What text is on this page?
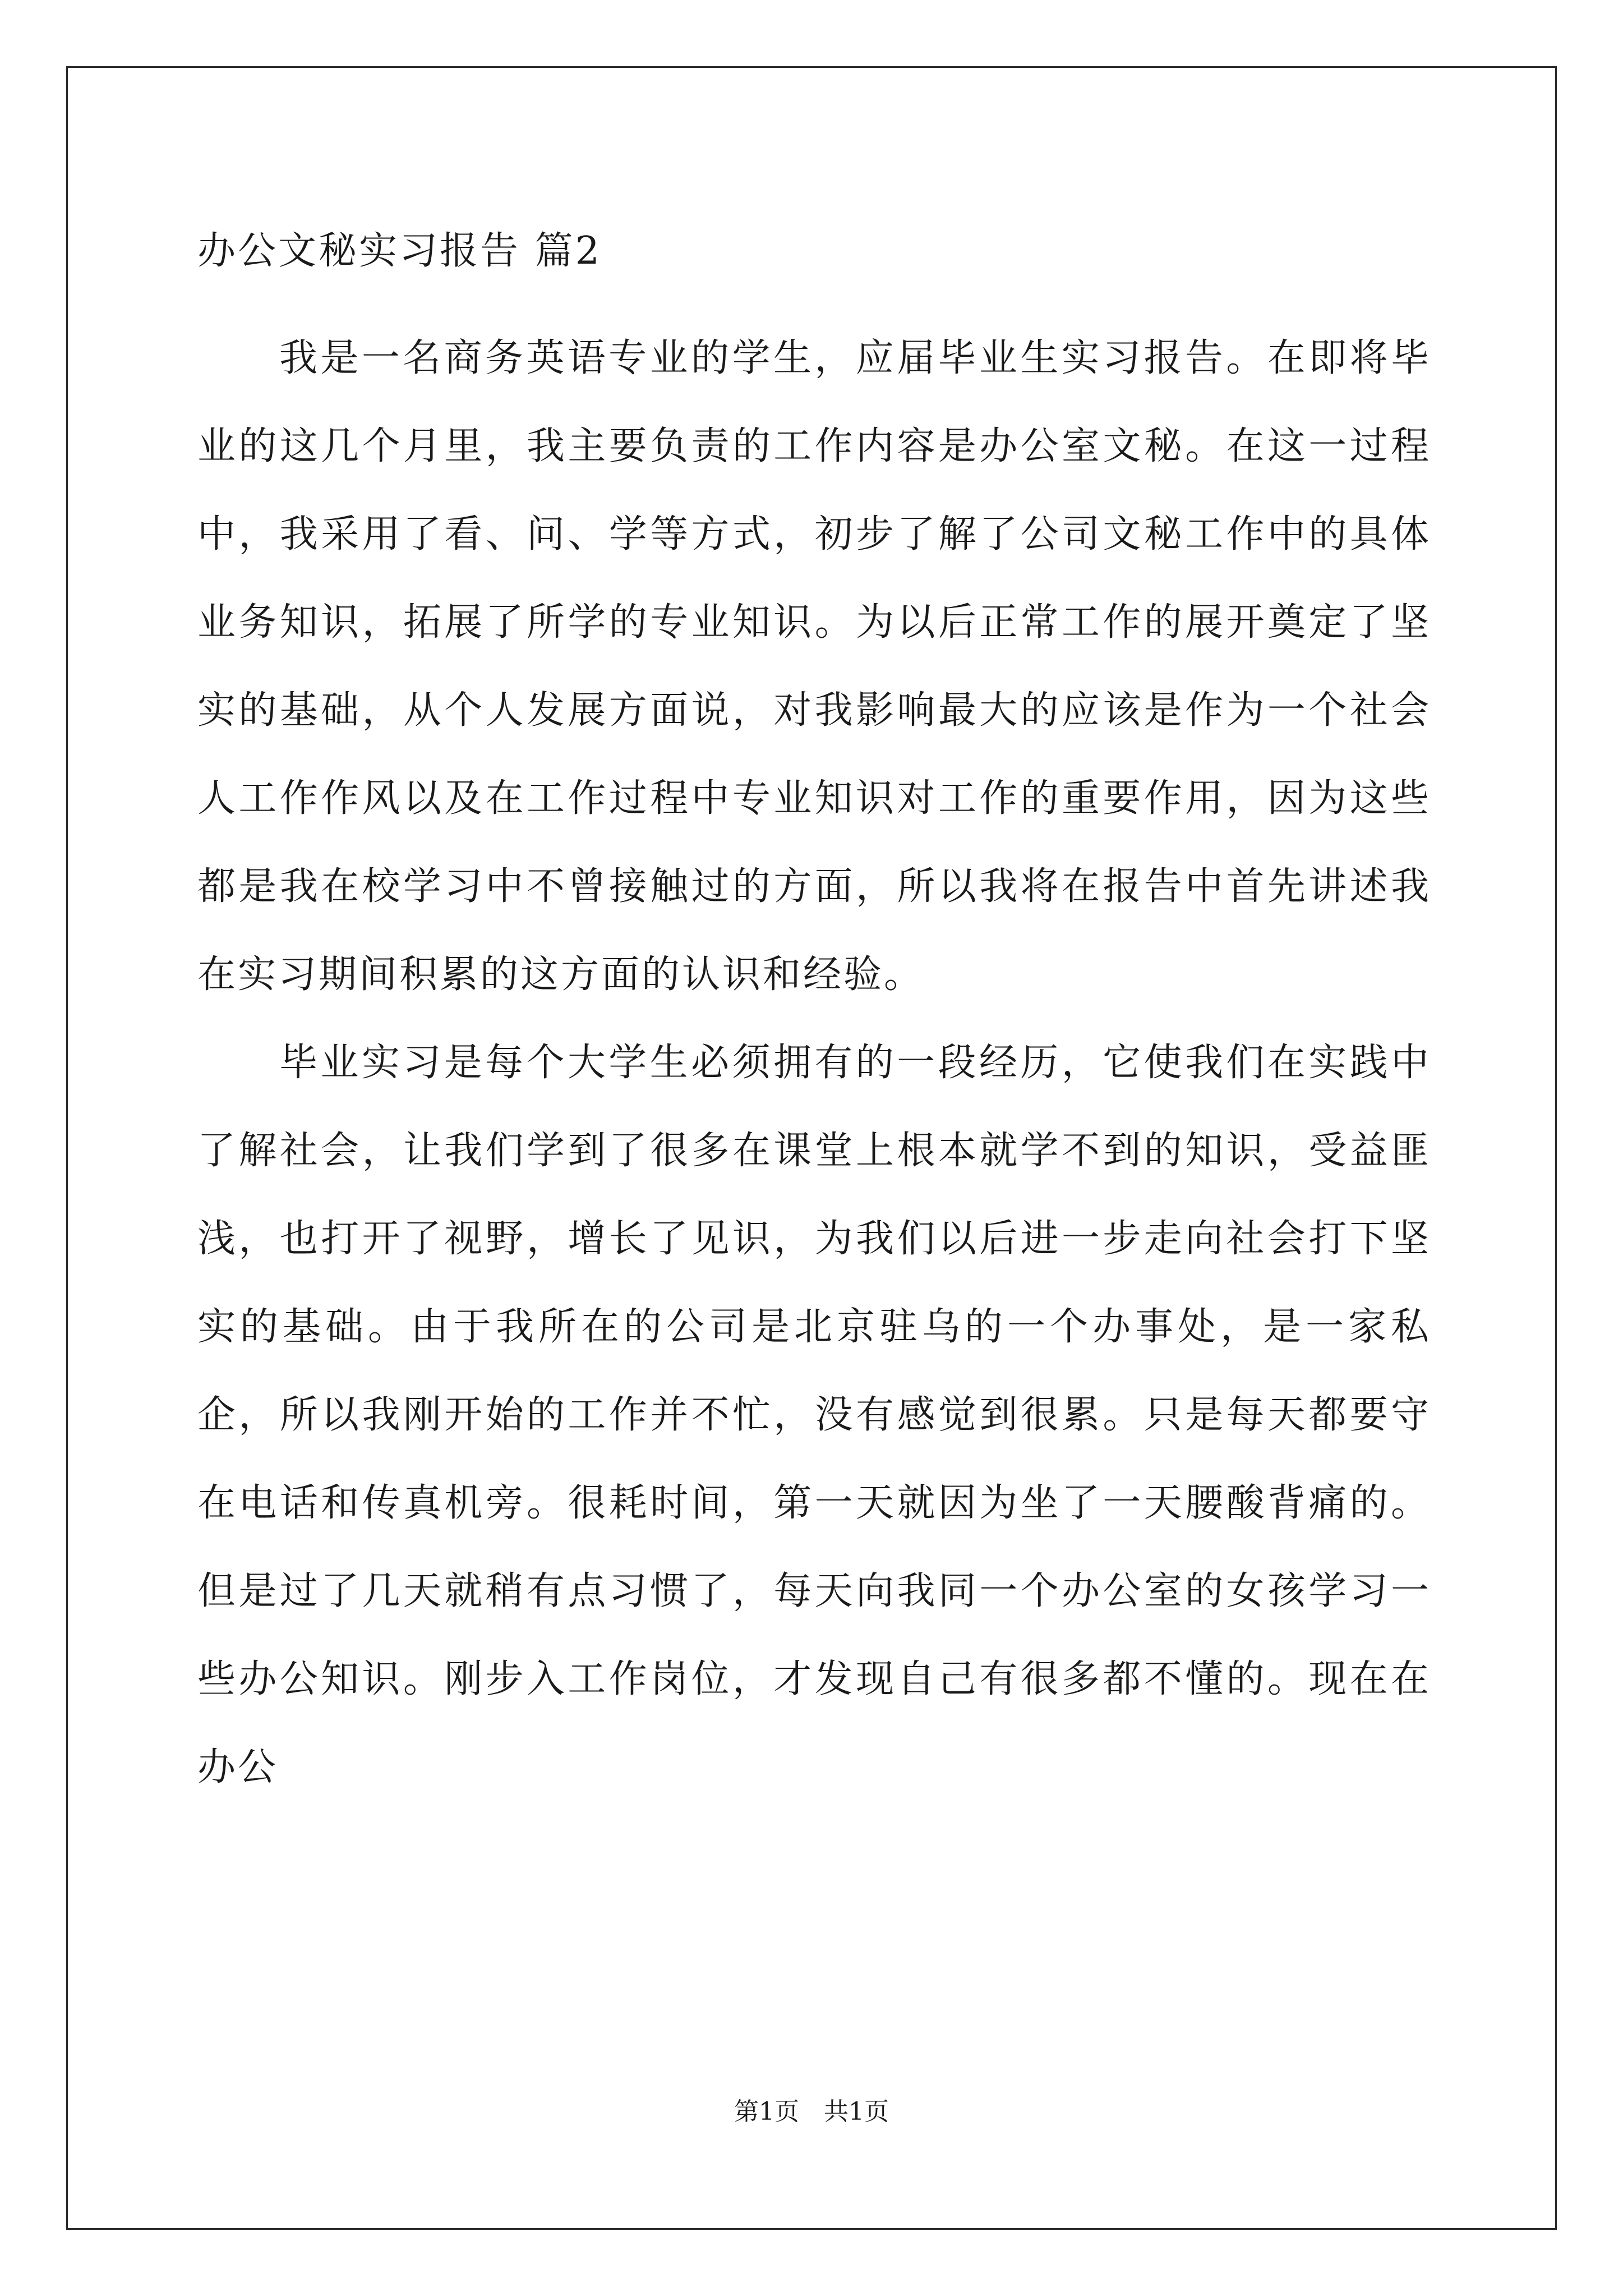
办公文秘实习报告 篇2

我是一名商务英语专业的学生，应届毕业生实习报告。在即将毕业的这几个月里，我主要负责的工作内容是办公室文秘。在这一过程中，我采用了看、问、学等方式，初步了解了公司文秘工作中的具体业务知识，拓展了所学的专业知识。为以后正常工作的展开奠定了坚实的基础，从个人发展方面说，对我影响最大的应该是作为一个社会人工作作风以及在工作过程中专业知识对工作的重要作用，因为这些都是我在校学习中不曾接触过的方面，所以我将在报告中首先讲述我在实习期间积累的这方面的认识和经验。

毕业实习是每个大学生必须拥有的一段经历，它使我们在实践中了解社会，让我们学到了很多在课堂上根本就学不到的知识，受益匪浅，也打开了视野，增长了见识，为我们以后进一步走向社会打下坚实的基础。由于我所在的公司是北京驻乌的一个办事处，是一家私企，所以我刚开始的工作并不忙，没有感觉到很累。只是每天都要守在电话和传真机旁。很耗时间，第一天就因为坐了一天腰酸背痛的。但是过了几天就稍有点习惯了，每天向我同一个办公室的女孩学习一些办公知识。刚步入工作岗位，才发现自己有很多都不懂的。现在在办公

第1页　共1页
